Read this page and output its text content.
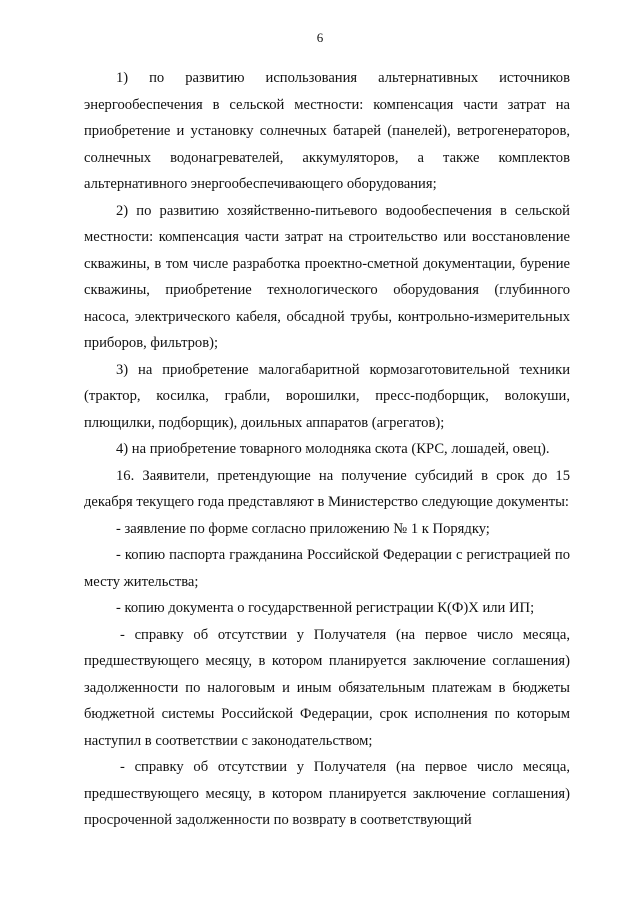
6

1) по развитию использования альтернативных источников энергообеспечения в сельской местности: компенсация части затрат на приобретение и установку солнечных батарей (панелей), ветрогенераторов, солнечных водонагревателей, аккумуляторов, а также комплектов альтернативного энергообеспечивающего оборудования;

2) по развитию хозяйственно-питьевого водообеспечения в сельской местности: компенсация части затрат на строительство или восстановление скважины, в том числе разработка проектно-сметной документации, бурение скважины, приобретение технологического оборудования (глубинного насоса, электрического кабеля, обсадной трубы, контрольно-измерительных приборов, фильтров);

3) на приобретение малогабаритной кормозаготовительной техники (трактор, косилка, грабли, ворошилки, пресс-подборщик, волокуши, плющилки, подборщик), доильных аппаратов (агрегатов);

4) на приобретение товарного молодняка скота (КРС, лошадей, овец).

16. Заявители, претендующие на получение субсидий в срок до 15 декабря текущего года представляют в Министерство следующие документы:

- заявление по форме согласно приложению № 1 к Порядку;

- копию паспорта гражданина Российской Федерации с регистрацией по месту жительства;

- копию документа о государственной регистрации К(Ф)Х или ИП;

- справку об отсутствии у Получателя (на первое число месяца, предшествующего месяцу, в котором планируется заключение соглашения) задолженности по налоговым и иным обязательным платежам в бюджеты бюджетной системы Российской Федерации, срок исполнения по которым наступил в соответствии с законодательством;

- справку об отсутствии у Получателя (на первое число месяца, предшествующего месяцу, в котором планируется заключение соглашения) просроченной задолженности по возврату в соответствующий
